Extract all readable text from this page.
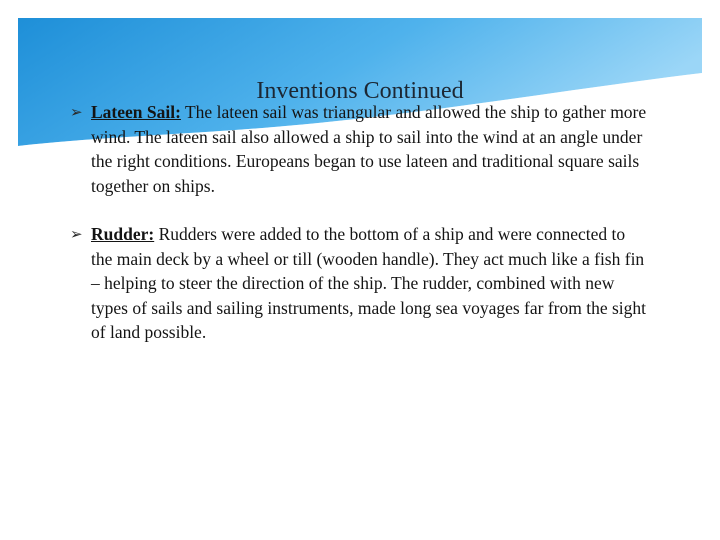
Inventions Continued
➢ Lateen Sail: The lateen sail was triangular and allowed the ship to gather more wind. The lateen sail also allowed a ship to sail into the wind at an angle under the right conditions. Europeans began to use lateen and traditional square sails together on ships.
➢ Rudder: Rudders were added to the bottom of a ship and were connected to the main deck by a wheel or till (wooden handle). They act much like a fish fin – helping to steer the direction of the ship. The rudder, combined with new types of sails and sailing instruments, made long sea voyages far from the sight of land possible.
